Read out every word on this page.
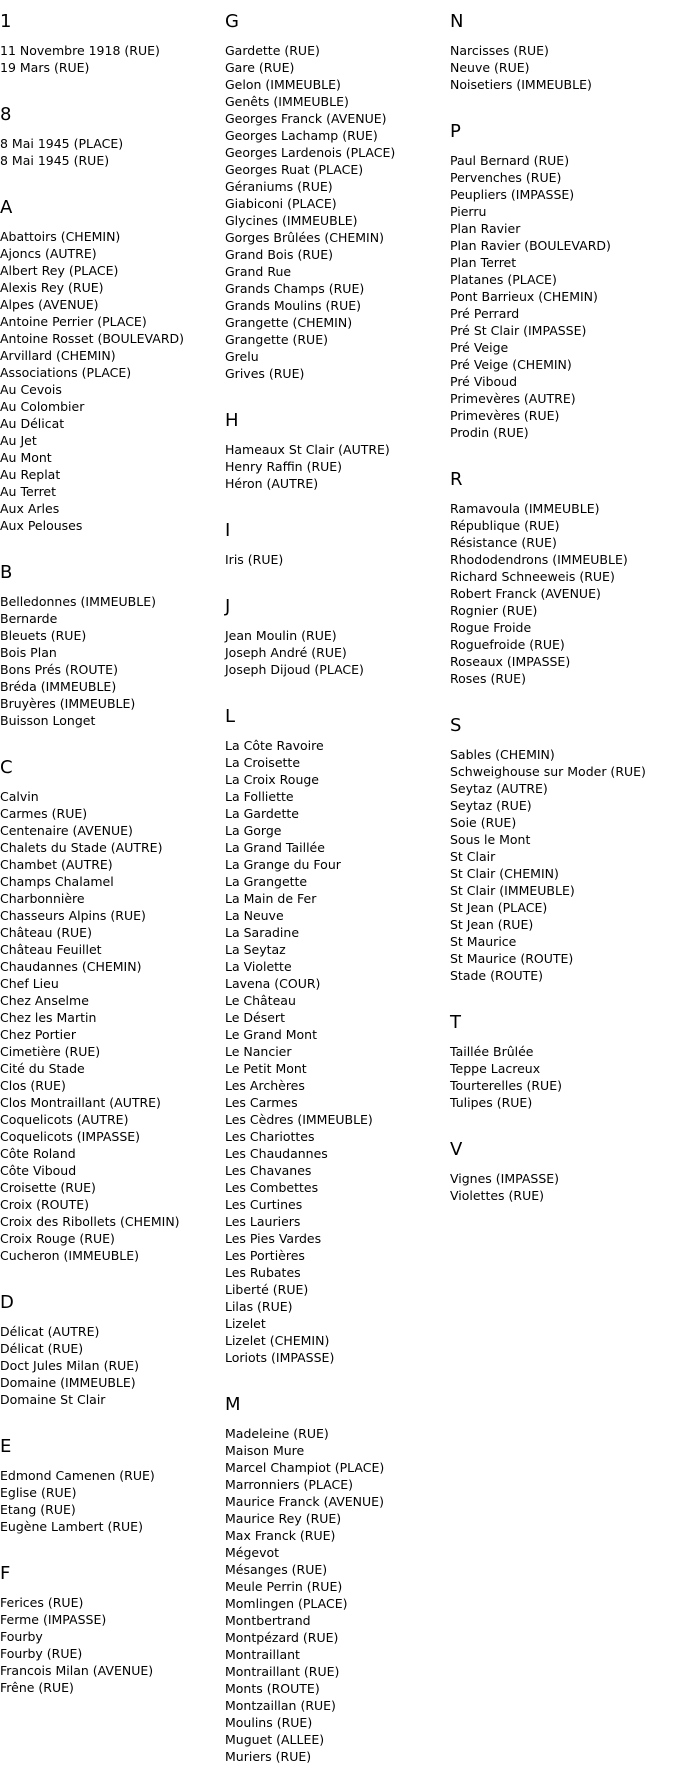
1
11 Novembre 1918 (RUE)
19 Mars (RUE)
8
8 Mai 1945 (PLACE)
8 Mai 1945 (RUE)
A
Abattoirs (CHEMIN)
Ajoncs (AUTRE)
Albert Rey (PLACE)
Alexis Rey (RUE)
Alpes (AVENUE)
Antoine Perrier (PLACE)
Antoine Rosset (BOULEVARD)
Arvillard (CHEMIN)
Associations (PLACE)
Au Cevois
Au Colombier
Au Délicat
Au Jet
Au Mont
Au Replat
Au Terret
Aux Arles
Aux Pelouses
B
Belledonnes (IMMEUBLE)
Bernarde
Bleuets (RUE)
Bois Plan
Bons Prés (ROUTE)
Bréda (IMMEUBLE)
Bruyères (IMMEUBLE)
Buisson Longet
C
Calvin
Carmes (RUE)
Centenaire (AVENUE)
Chalets du Stade (AUTRE)
Chambet (AUTRE)
Champs Chalamel
Charbonnière
Chasseurs Alpins (RUE)
Château (RUE)
Château Feuillet
Chaudannes (CHEMIN)
Chef Lieu
Chez Anselme
Chez les Martin
Chez Portier
Cimetière (RUE)
Cité du Stade
Clos (RUE)
Clos Montraillant (AUTRE)
Coquelicots (AUTRE)
Coquelicots (IMPASSE)
Côte Roland
Côte Viboud
Croisette (RUE)
Croix (ROUTE)
Croix des Ribollets (CHEMIN)
Croix Rouge (RUE)
Cucheron (IMMEUBLE)
D
Délicat (AUTRE)
Délicat (RUE)
Doct Jules Milan (RUE)
Domaine (IMMEUBLE)
Domaine St Clair
E
Edmond Camenen (RUE)
Eglise (RUE)
Etang (RUE)
Eugène Lambert (RUE)
F
Ferices (RUE)
Ferme (IMPASSE)
Fourby
Fourby (RUE)
Francois Milan (AVENUE)
Frêne (RUE)
G
Gardette (RUE)
Gare (RUE)
Gelon (IMMEUBLE)
Genêts (IMMEUBLE)
Georges Franck (AVENUE)
Georges Lachamp (RUE)
Georges Lardenois (PLACE)
Georges Ruat (PLACE)
Géraniums (RUE)
Giabiconi (PLACE)
Glycines (IMMEUBLE)
Gorges Brûlées (CHEMIN)
Grand Bois (RUE)
Grand Rue
Grands Champs (RUE)
Grands Moulins (RUE)
Grangette (CHEMIN)
Grangette (RUE)
Grelu
Grives (RUE)
H
Hameaux St Clair (AUTRE)
Henry Raffin (RUE)
Héron (AUTRE)
I
Iris (RUE)
J
Jean Moulin (RUE)
Joseph André (RUE)
Joseph Dijoud (PLACE)
L
La Côte Ravoire
La Croisette
La Croix Rouge
La Folliette
La Gardette
La Gorge
La Grand Taillée
La Grange du Four
La Grangette
La Main de Fer
La Neuve
La Saradine
La Seytaz
La Violette
Lavena (COUR)
Le Château
Le Désert
Le Grand Mont
Le Nancier
Le Petit Mont
Les Archères
Les Carmes
Les Cèdres (IMMEUBLE)
Les Chariottes
Les Chaudannes
Les Chavanes
Les Combettes
Les Curtines
Les Lauriers
Les Pies Vardes
Les Portières
Les Rubates
Liberté (RUE)
Lilas (RUE)
Lizelet
Lizelet (CHEMIN)
Loriots (IMPASSE)
M
Madeleine (RUE)
Maison Mure
Marcel Champiot (PLACE)
Marronniers (PLACE)
Maurice Franck (AVENUE)
Maurice Rey (RUE)
Max Franck (RUE)
Mégevot
Mésanges (RUE)
Meule Perrin (RUE)
Momlingen (PLACE)
Montbertrand
Montpézard (RUE)
Montraillant
Montraillant (RUE)
Monts (ROUTE)
Montzaillan (RUE)
Moulins (RUE)
Muguet (ALLEE)
Muriers (RUE)
N
Narcisses (RUE)
Neuve (RUE)
Noisetiers (IMMEUBLE)
P
Paul Bernard (RUE)
Pervenches (RUE)
Peupliers (IMPASSE)
Pierru
Plan Ravier
Plan Ravier (BOULEVARD)
Plan Terret
Platanes (PLACE)
Pont Barrieux (CHEMIN)
Pré Perrard
Pré St Clair (IMPASSE)
Pré Veige
Pré Veige (CHEMIN)
Pré Viboud
Primevères (AUTRE)
Primevères (RUE)
Prodin (RUE)
R
Ramavoula (IMMEUBLE)
République (RUE)
Résistance (RUE)
Rhododendrons (IMMEUBLE)
Richard Schneeweis (RUE)
Robert Franck (AVENUE)
Rognier (RUE)
Rogue Froide
Roguefroide (RUE)
Roseaux (IMPASSE)
Roses (RUE)
S
Sables (CHEMIN)
Schweighouse sur Moder (RUE)
Seytaz (AUTRE)
Seytaz (RUE)
Soie (RUE)
Sous le Mont
St Clair
St Clair (CHEMIN)
St Clair (IMMEUBLE)
St Jean (PLACE)
St Jean (RUE)
St Maurice
St Maurice (ROUTE)
Stade (ROUTE)
T
Taillée Brûlée
Teppe Lacreux
Tourterelles (RUE)
Tulipes (RUE)
V
Vignes (IMPASSE)
Violettes (RUE)
